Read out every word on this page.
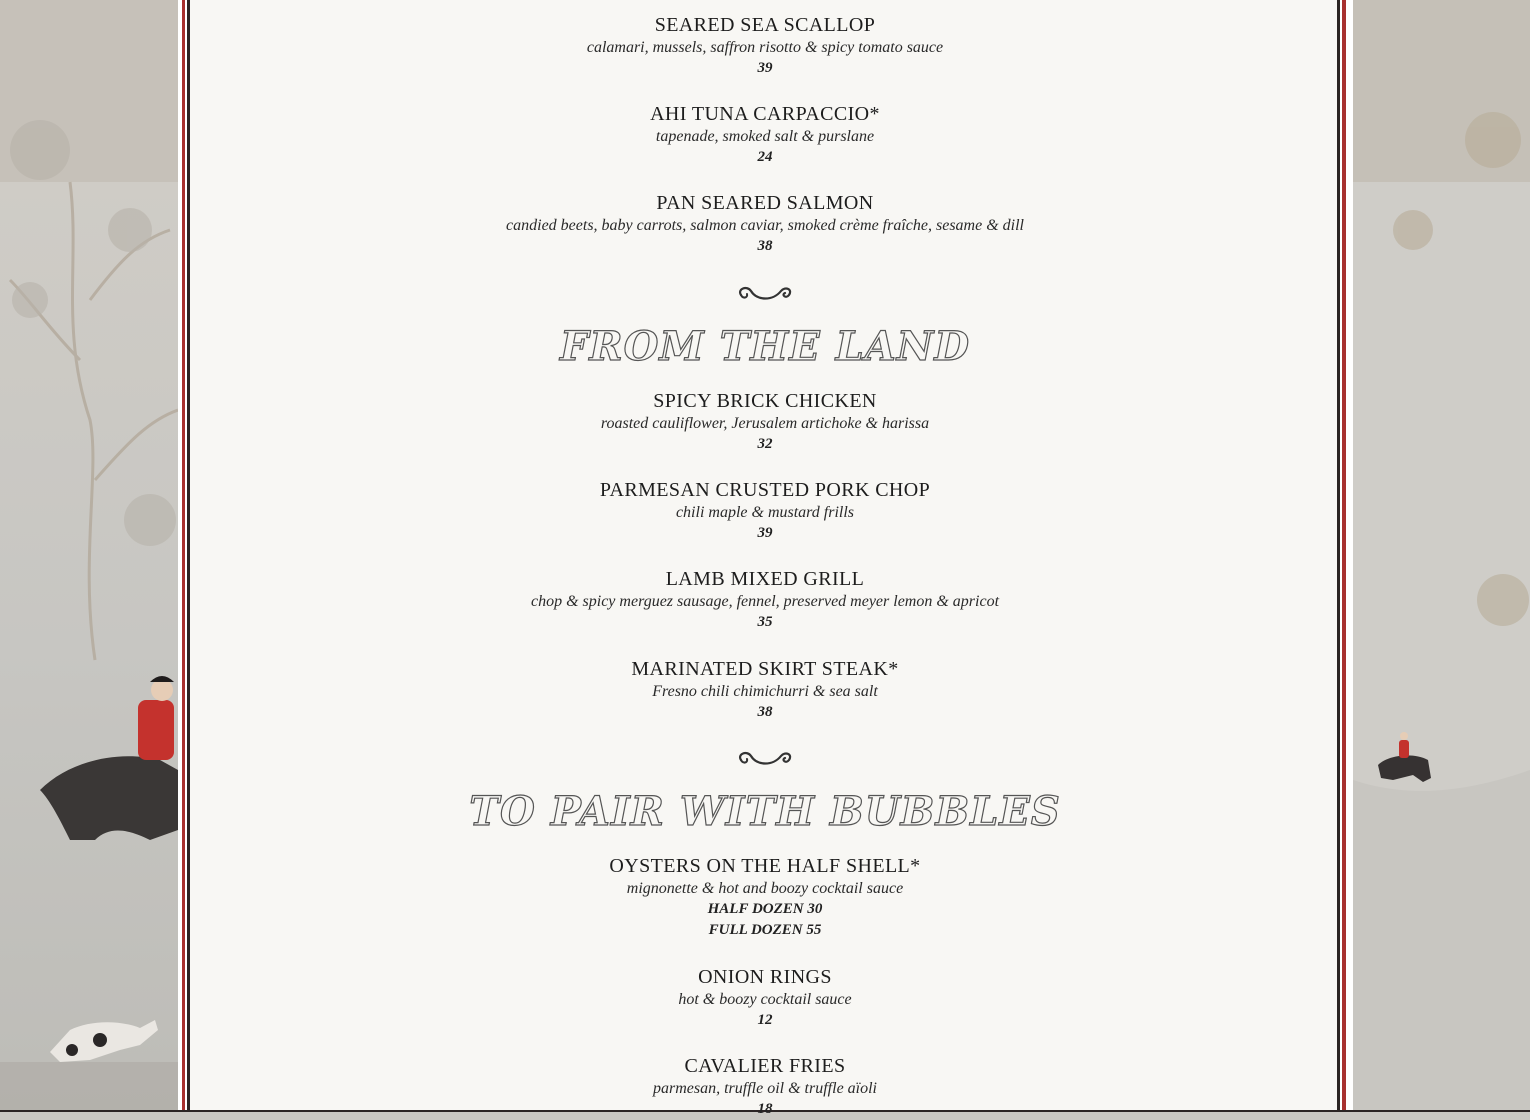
SEARED SEA SCALLOP
calamari, mussels, saffron risotto & spicy tomato sauce
39
AHI TUNA CARPACCIO*
tapenade, smoked salt & purslane
24
PAN SEARED SALMON
candied beets, baby carrots, salmon caviar, smoked crème fraîche, sesame & dill
38
FROM THE LAND
SPICY BRICK CHICKEN
roasted cauliflower, Jerusalem artichoke & harissa
32
PARMESAN CRUSTED PORK CHOP
chili maple & mustard frills
39
LAMB MIXED GRILL
chop & spicy merguez sausage, fennel, preserved meyer lemon & apricot
35
MARINATED SKIRT STEAK*
Fresno chili chimichurri & sea salt
38
TO PAIR WITH BUBBLES
OYSTERS ON THE HALF SHELL*
mignonette & hot and boozy cocktail sauce
HALF DOZEN 30
FULL DOZEN 55
ONION RINGS
hot & boozy cocktail sauce
12
CAVALIER FRIES
parmesan, truffle oil & truffle aïoli
18
